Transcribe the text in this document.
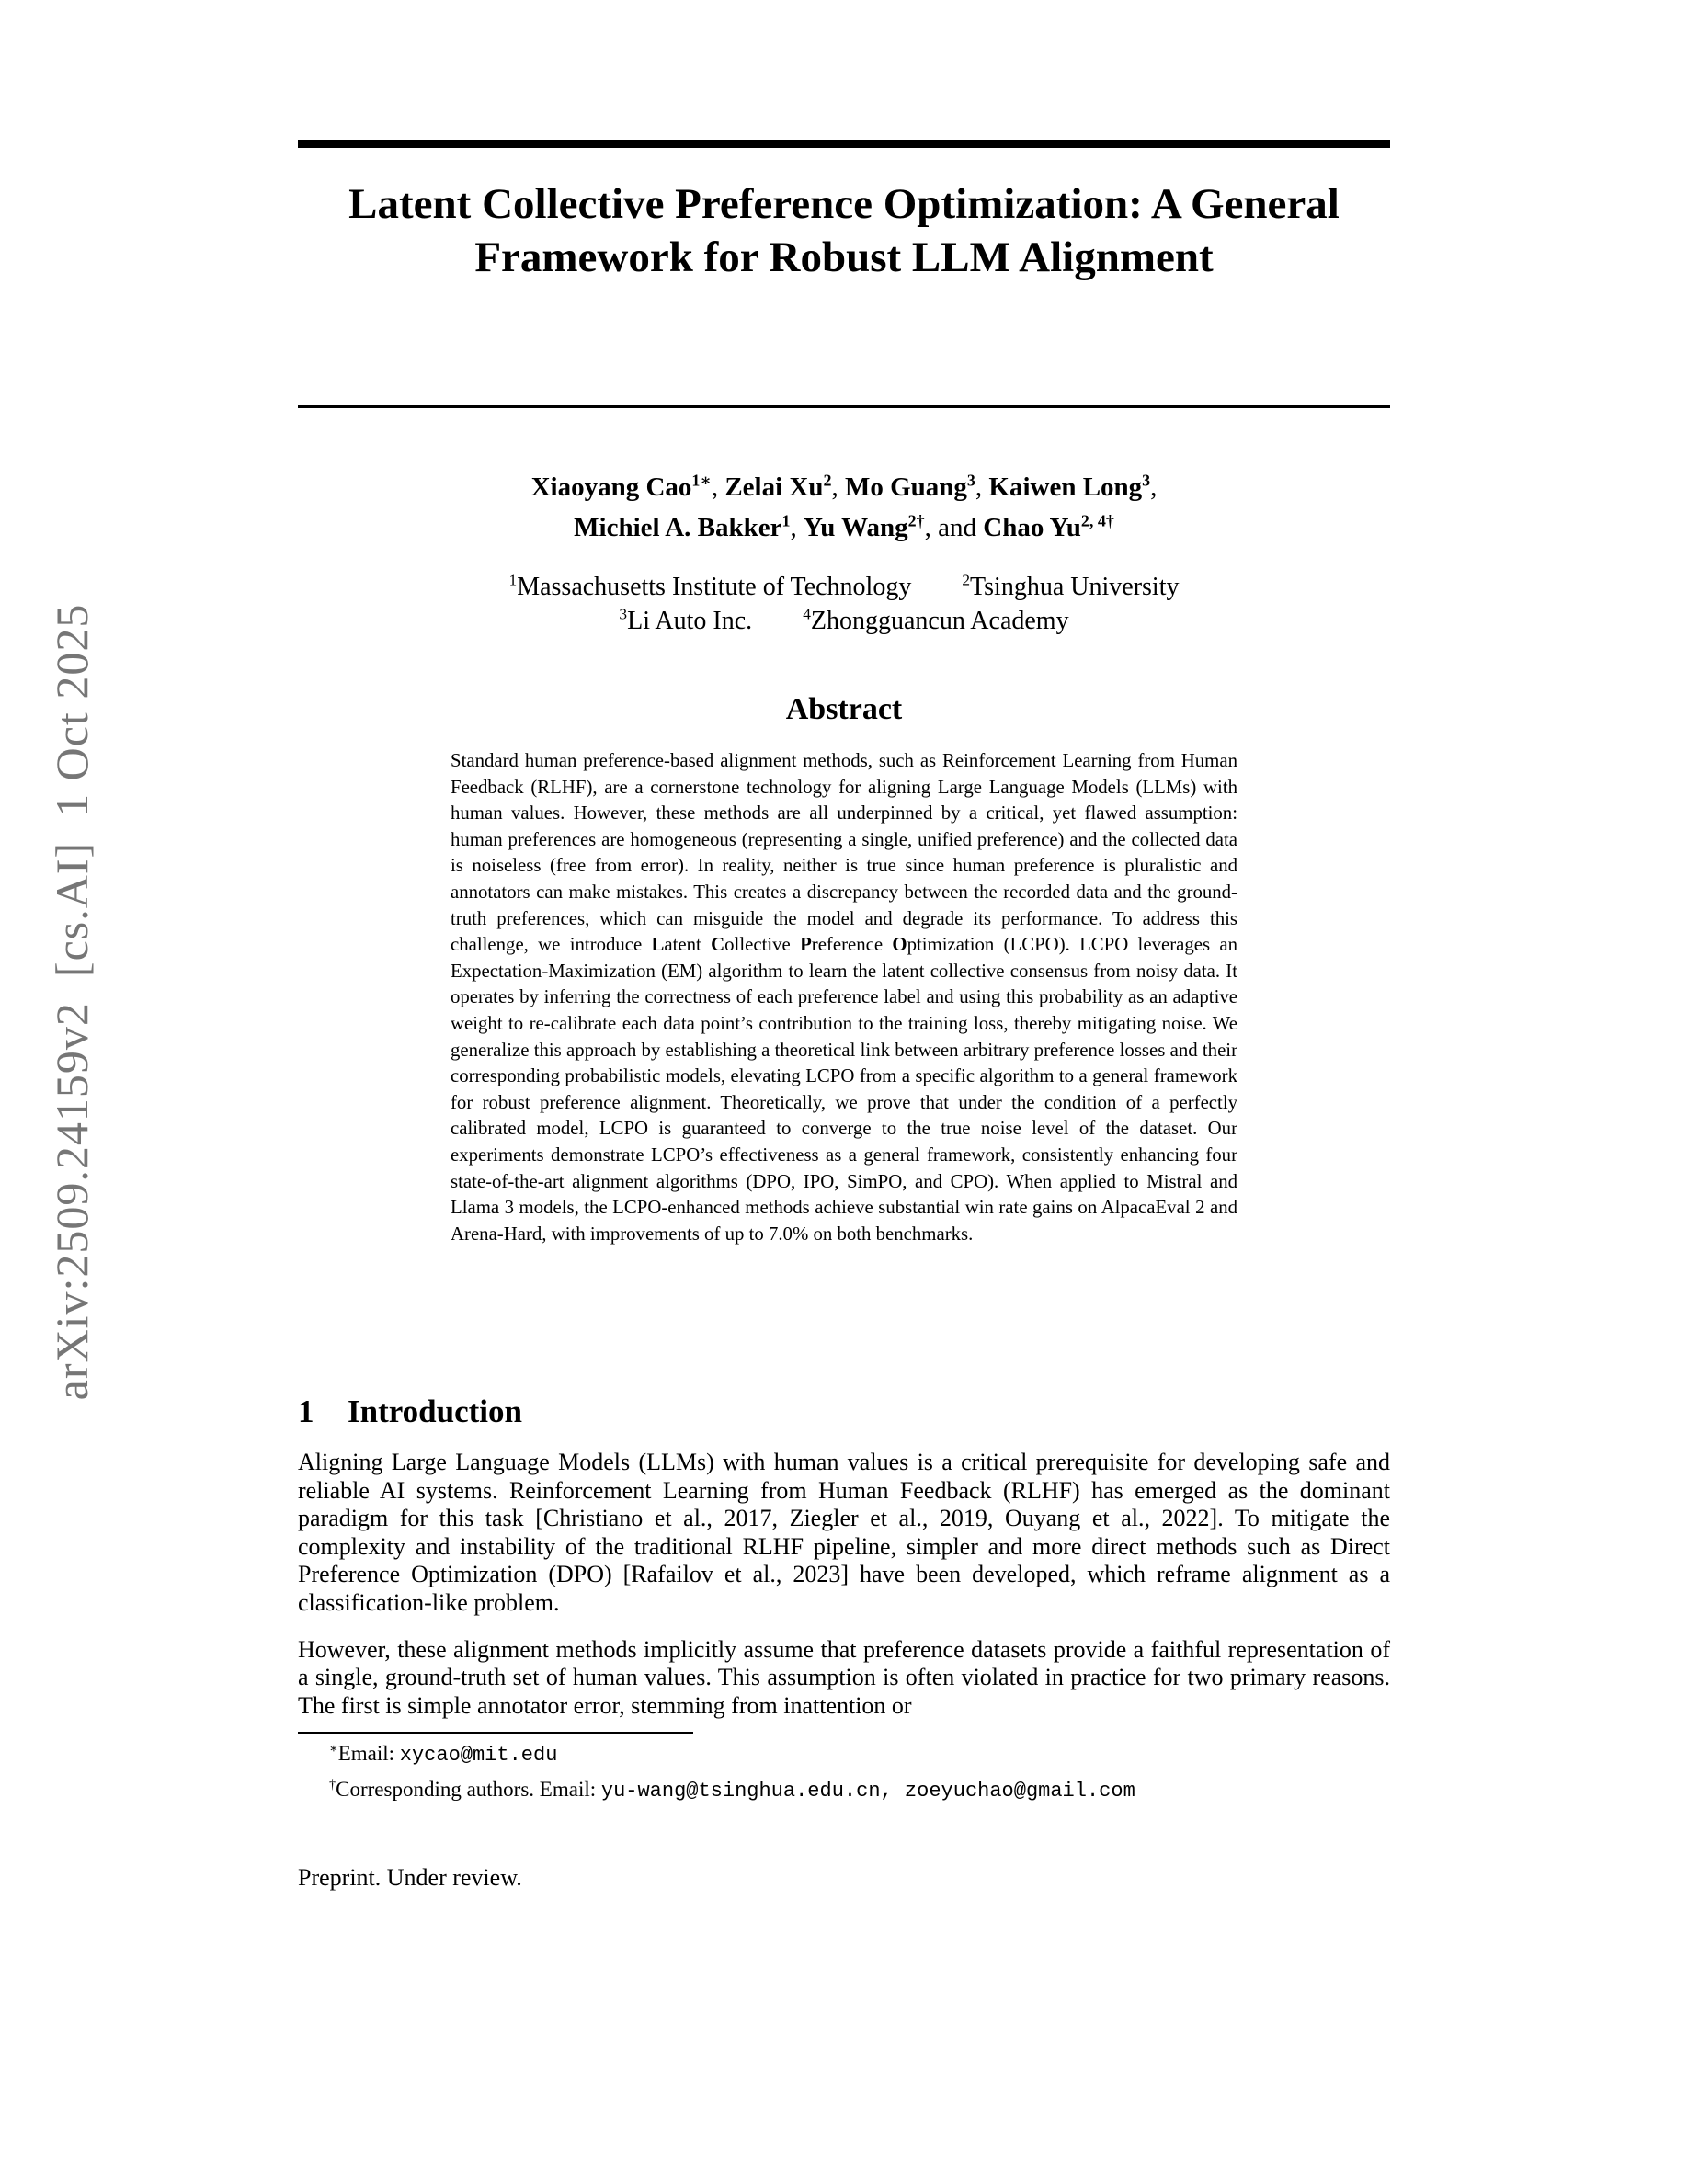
arXiv:2509.24159v2  [cs.AI]  1 Oct 2025
Latent Collective Preference Optimization: A General
Framework for Robust LLM Alignment
Xiaoyang Cao$^{1∗}$, Zelai Xu$^2$, Mo Guang$^3$, Kaiwen Long$^3$,
Michiel A. Bakker$^1$, Yu Wang$^{2\dagger}$, and Chao $Yu^{2, 4\dagger}$
$^1$Massachusetts Institute of Technology	$^2$Tsinghua University
$^3$Li Auto Inc.	$^4$Zhongguancun Academy
Abstract
Standard human preference-based alignment methods, such as Reinforcement Learning from Human Feedback (RLHF), are a cornerstone technology for aligning Large Language Models (LLMs) with human values. However, these methods are all underpinned by a critical, yet flawed assumption: human preferences are homogeneous (representing a single, unified preference) and the collected data is noiseless (free from error). In reality, neither is true since human preference is pluralistic and annotators can make mistakes. This creates a discrepancy between the recorded data and the ground-truth preferences, which can misguide the model and degrade its performance. To address this challenge, we introduce Latent Collective Preference Optimization (LCPO). LCPO leverages an Expectation-Maximization (EM) algorithm to learn the latent collective consensus from noisy data. It operates by inferring the correctness of each preference label and using this probability as an adaptive weight to re-calibrate each data point’s contribution to the training loss, thereby mitigating noise. We generalize this approach by establishing a theoretical link between arbitrary preference losses and their corresponding probabilistic models, elevating LCPO from a specific algorithm to a general framework for robust preference alignment. Theoretically, we prove that under the condition of a perfectly calibrated model, LCPO is guaranteed to converge to the true noise level of the dataset. Our experiments demonstrate LCPO’s effectiveness as a general framework, consistently enhancing four state-of-the-art alignment algorithms (DPO, IPO, SimPO, and CPO). When applied to Mistral and Llama 3 models, the LCPO-enhanced methods achieve substantial win rate gains on AlpacaEval 2 and Arena-Hard, with improvements of up to 7.0% on both benchmarks.
1 Introduction

Aligning Large Language Models (LLMs) with human values is a critical prerequisite for developing safe and reliable AI systems. Reinforcement Learning from Human Feedback (RLHF) has emerged as the dominant paradigm for this task [Christiano et al., 2017, Ziegler et al., 2019, Ouyang et al., 2022]. To mitigate the complexity and instability of the traditional RLHF pipeline, simpler and more direct methods such as Direct Preference Optimization (DPO) [Rafailov et al., 2023] have been developed, which reframe alignment as a classification-like problem.

However, these alignment methods implicitly assume that preference datasets provide a faithful representation of a single, ground-truth set of human values. This assumption is often violated in practice for two primary reasons. The first is simple annotator error, stemming from inattention or

∗Email: xycao@mit.edu

†Corresponding authors. Email: yu-wang@tsinghua.edu.cn, zoeyuchao@gmail.com

Preprint. Under review.
